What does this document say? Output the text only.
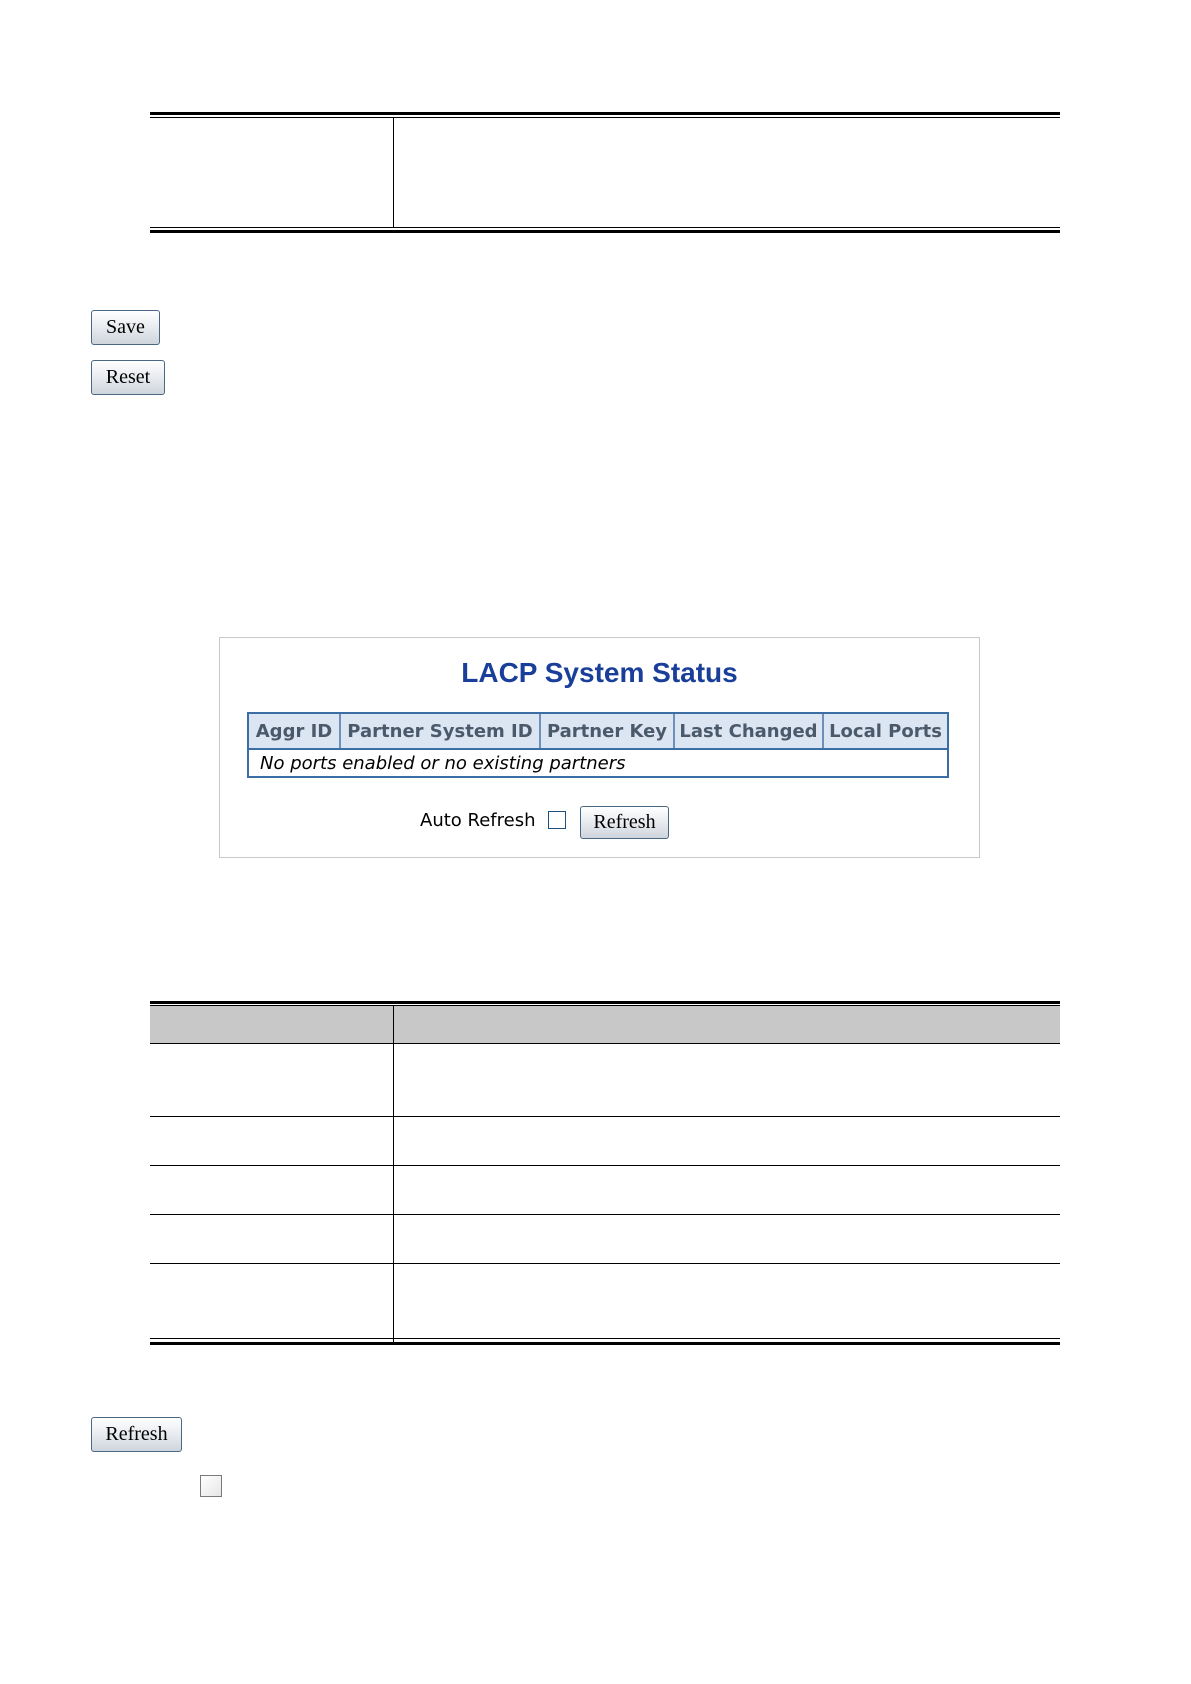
Save
Reset
LACP System Status
Aggr ID Partner System ID Partner Key Last Changed Local Ports
No ports enabled or no existing partners
Auto Refresh	Refresh
Refresh
